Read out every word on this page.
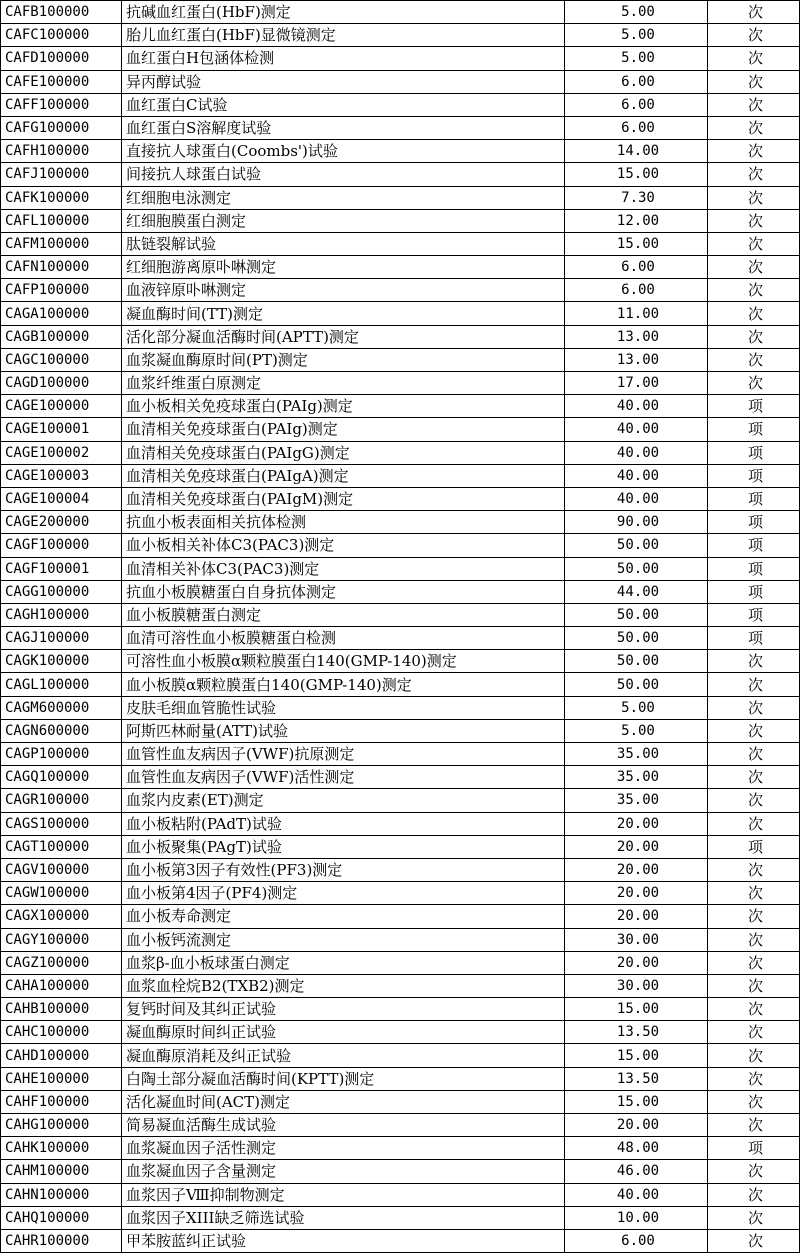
CAFB100000	抗碱血红蛋白(HbF)测定	5.00	次
CAFC100000	胎儿血红蛋白(HbF)显微镜测定	5.00	次
CAFD100000	血红蛋白H包涵体检测	5.00	次
CAFE100000	异丙醇试验	6.00	次
CAFF100000	血红蛋白C试验	6.00	次
CAFG100000	血红蛋白S溶解度试验	6.00	次
CAFH100000	直接抗人球蛋白(Coombs')试验	14.00	次
CAFJ100000	间接抗人球蛋白试验	15.00	次
CAFK100000	红细胞电泳测定	7.30	次
CAFL100000	红细胞膜蛋白测定	12.00	次
CAFM100000	肽链裂解试验	15.00	次
CAFN100000	红细胞游离原卟啉测定	6.00	次
CAFP100000	血液锌原卟啉测定	6.00	次
CAGA100000	凝血酶时间(TT)测定	11.00	次
CAGB100000	活化部分凝血活酶时间(APTT)测定	13.00	次
CAGC100000	血浆凝血酶原时间(PT)测定	13.00	次
CAGD100000	血浆纤维蛋白原测定	17.00	次
CAGE100000	血小板相关免疫球蛋白(PAIg)测定	40.00	项
CAGE100001	血清相关免疫球蛋白(PAIg)测定	40.00	项
CAGE100002	血清相关免疫球蛋白(PAIgG)测定	40.00	项
CAGE100003	血清相关免疫球蛋白(PAIgA)测定	40.00	项
CAGE100004	血清相关免疫球蛋白(PAIgM)测定	40.00	项
CAGE200000	抗血小板表面相关抗体检测	90.00	项
CAGF100000	血小板相关补体C3(PAC3)测定	50.00	项
CAGF100001	血清相关补体C3(PAC3)测定	50.00	项
CAGG100000	抗血小板膜糖蛋白自身抗体测定	44.00	项
CAGH100000	血小板膜糖蛋白测定	50.00	项
CAGJ100000	血清可溶性血小板膜糖蛋白检测	50.00	项
CAGK100000	可溶性血小板膜α颗粒膜蛋白140(GMP-140)测定	50.00	次
CAGL100000	血小板膜α颗粒膜蛋白140(GMP-140)测定	50.00	次
CAGM600000	皮肤毛细血管脆性试验	5.00	次
CAGN600000	阿斯匹林耐量(ATT)试验	5.00	次
CAGP100000	血管性血友病因子(VWF)抗原测定	35.00	次
CAGQ100000	血管性血友病因子(VWF)活性测定	35.00	次
CAGR100000	血浆内皮素(ET)测定	35.00	次
CAGS100000	血小板粘附(PAdT)试验	20.00	次
CAGT100000	血小板聚集(PAgT)试验	20.00	项
CAGV100000	血小板第3因子有效性(PF3)测定	20.00	次
CAGW100000	血小板第4因子(PF4)测定	20.00	次
CAGX100000	血小板寿命测定	20.00	次
CAGY100000	血小板钙流测定	30.00	次
CAGZ100000	血浆β-血小板球蛋白测定	20.00	次
CAHA100000	血浆血栓烷B2(TXB2)测定	30.00	次
CAHB100000	复钙时间及其纠正试验	15.00	次
CAHC100000	凝血酶原时间纠正试验	13.50	次
CAHD100000	凝血酶原消耗及纠正试验	15.00	次
CAHE100000	白陶土部分凝血活酶时间(KPTT)测定	13.50	次
CAHF100000	活化凝血时间(ACT)测定	15.00	次
CAHG100000	简易凝血活酶生成试验	20.00	次
CAHK100000	血浆凝血因子活性测定	48.00	项
CAHM100000	血浆凝血因子含量测定	46.00	次
CAHN100000	血浆因子Ⅷ抑制物测定	40.00	次
CAHQ100000	血浆因子XIII缺乏筛选试验	10.00	次
CAHR100000	甲苯胺蓝纠正试验	6.00	次
